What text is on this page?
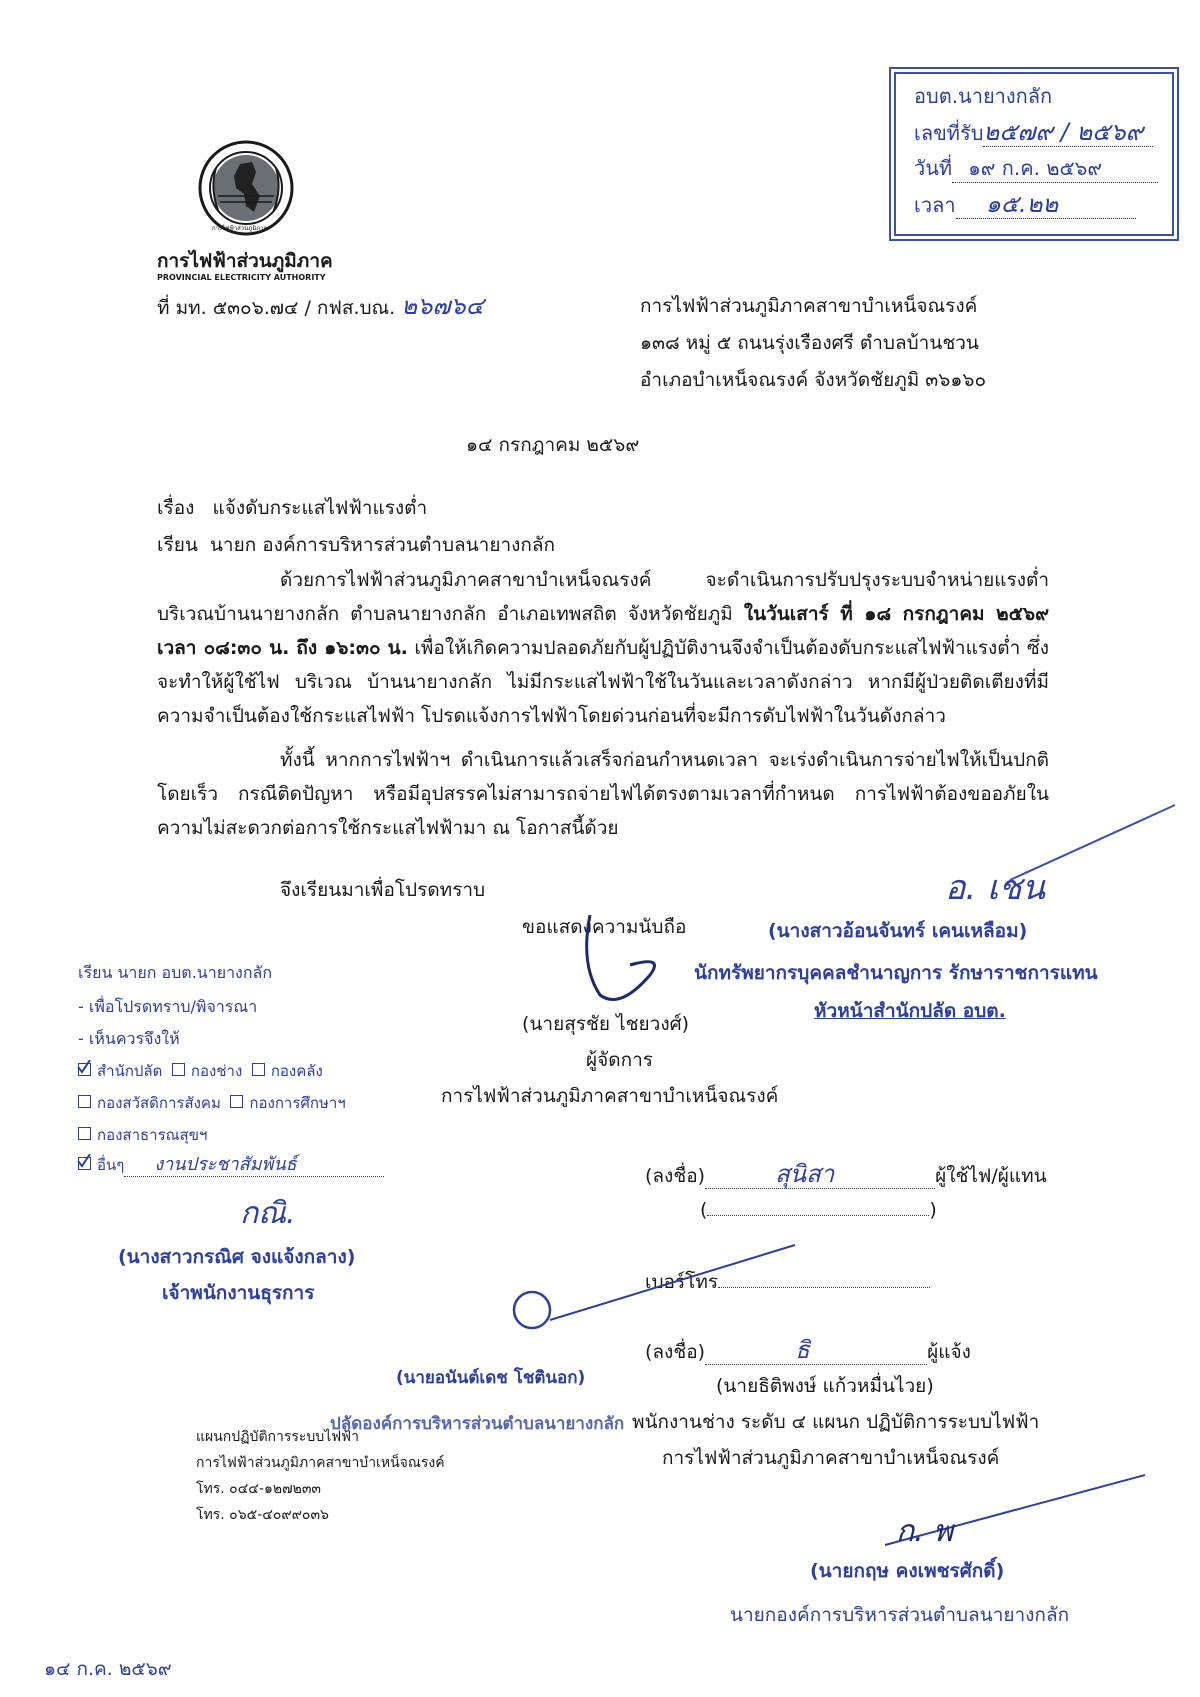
อบต.นายางกลัก
เลขที่รับ๒๕๗๙ / ๒๕๖๙
วันที่ ๑๙ ก.ค. ๒๕๖๙
เวลา ๑๕.๒๒
การไฟฟ้าส่วนภูมิภาค
การไฟฟ้าส่วนภูมิภาค
PROVINCIAL ELECTRICITY AUTHORITY
ที่ มท. ๕๓๐๖.๗๔ / กฟส.บณ. ๒๖๗๖๔	การไฟฟ้าส่วนภูมิภาคสาขาบำเหน็จณรงค์
๑๓๘ หมู่ ๕ ถนนรุ่งเรืองศรี ตำบลบ้านชวน
อำเภอบำเหน็จณรงค์ จังหวัดชัยภูมิ ๓๖๑๖๐
๑๔ กรกฎาคม ๒๕๖๙
เรื่อง แจ้งดับกระแสไฟฟ้าแรงต่ำ
เรียน นายก องค์การบริหารส่วนตำบลนายางกลัก
ด้วยการไฟฟ้าส่วนภูมิภาคสาขาบำเหน็จณรงค์ จะดำเนินการปรับปรุงระบบจำหน่ายแรงต่ำ บริเวณบ้านนายางกลัก ตำบลนายางกลัก อำเภอเทพสถิต จังหวัดชัยภูมิ ในวันเสาร์ ที่ ๑๘ กรกฎาคม ๒๕๖๙ เวลา ๐๘:๓๐ น. ถึง ๑๖:๓๐ น. เพื่อให้เกิดความปลอดภัยกับผู้ปฏิบัติงานจึงจำเป็นต้องดับกระแสไฟฟ้าแรงต่ำ ซึ่งจะทำให้ผู้ใช้ไฟ บริเวณ บ้านนายางกลัก ไม่มีกระแสไฟฟ้าใช้ในวันและเวลาดังกล่าว หากมีผู้ป่วยติดเตียงที่มีความจำเป็นต้องใช้กระแสไฟฟ้า โปรดแจ้งการไฟฟ้าโดยด่วนก่อนที่จะมีการดับไฟฟ้าในวันดังกล่าว
ทั้งนี้ หากการไฟฟ้าฯ ดำเนินการแล้วเสร็จก่อนกำหนดเวลา จะเร่งดำเนินการจ่ายไฟให้เป็นปกติโดยเร็ว กรณีติดปัญหา หรือมีอุปสรรคไม่สามารถจ่ายไฟได้ตรงตามเวลาที่กำหนด การไฟฟ้าต้องขออภัยในความไม่สะดวกต่อการใช้กระแสไฟฟ้ามา ณ โอกาสนี้ด้วย
จึงเรียนมาเพื่อโปรดทราบ
ขอแสดงความนับถือ
(นายสุรชัย ไชยวงศ์)
ผู้จัดการ
การไฟฟ้าส่วนภูมิภาคสาขาบำเหน็จณรงค์
อ. เชน
(นางสาวอ้อนจันทร์ เคนเหลือม)
นักทรัพยากรบุคคลชำนาญการ รักษาราชการแทน
หัวหน้าสำนักปลัด อบต.
เรียน นายก อบต.นายางกลัก
- เพื่อโปรดทราบ/พิจารณา
- เห็นควรจึงให้
สำนักปลัด กองช่าง กองคลัง
กองสวัสดิการสังคม กองการศึกษาฯ
กองสาธารณสุขฯ
อื่นๆ งานประชาสัมพันธ์
กณิ.
(นางสาวกรณิศ จงแจ้งกลาง)
เจ้าพนักงานธุรการ
(ลงชื่อ)	สุนิสา	ผู้ใช้ไฟ/ผู้แทน
(	)
เบอร์โทร
(ลงชื่อ)	ธิ	ผู้แจ้ง
(นายธิติพงษ์ แก้วหมื่นไวย)
พนักงานช่าง ระดับ ๔ แผนก ปฏิบัติการระบบไฟฟ้า
การไฟฟ้าส่วนภูมิภาคสาขาบำเหน็จณรงค์
(นายอนันต์เดช โชตินอก)
ปลัดองค์การบริหารส่วนตำบลนายางกลัก
แผนกปฏิบัติการระบบไฟฟ้า
การไฟฟ้าส่วนภูมิภาคสาขาบำเหน็จณรงค์
โทร. ๐๔๔-๑๒๗๒๓๓
โทร. ๐๖๕-๔๐๙๙๐๓๖	ก. พ
(นายกฤษ คงเพชรศักดิ์)
นายกองค์การบริหารส่วนตำบลนายางกลัก
๑๔ ก.ค. ๒๕๖๙
